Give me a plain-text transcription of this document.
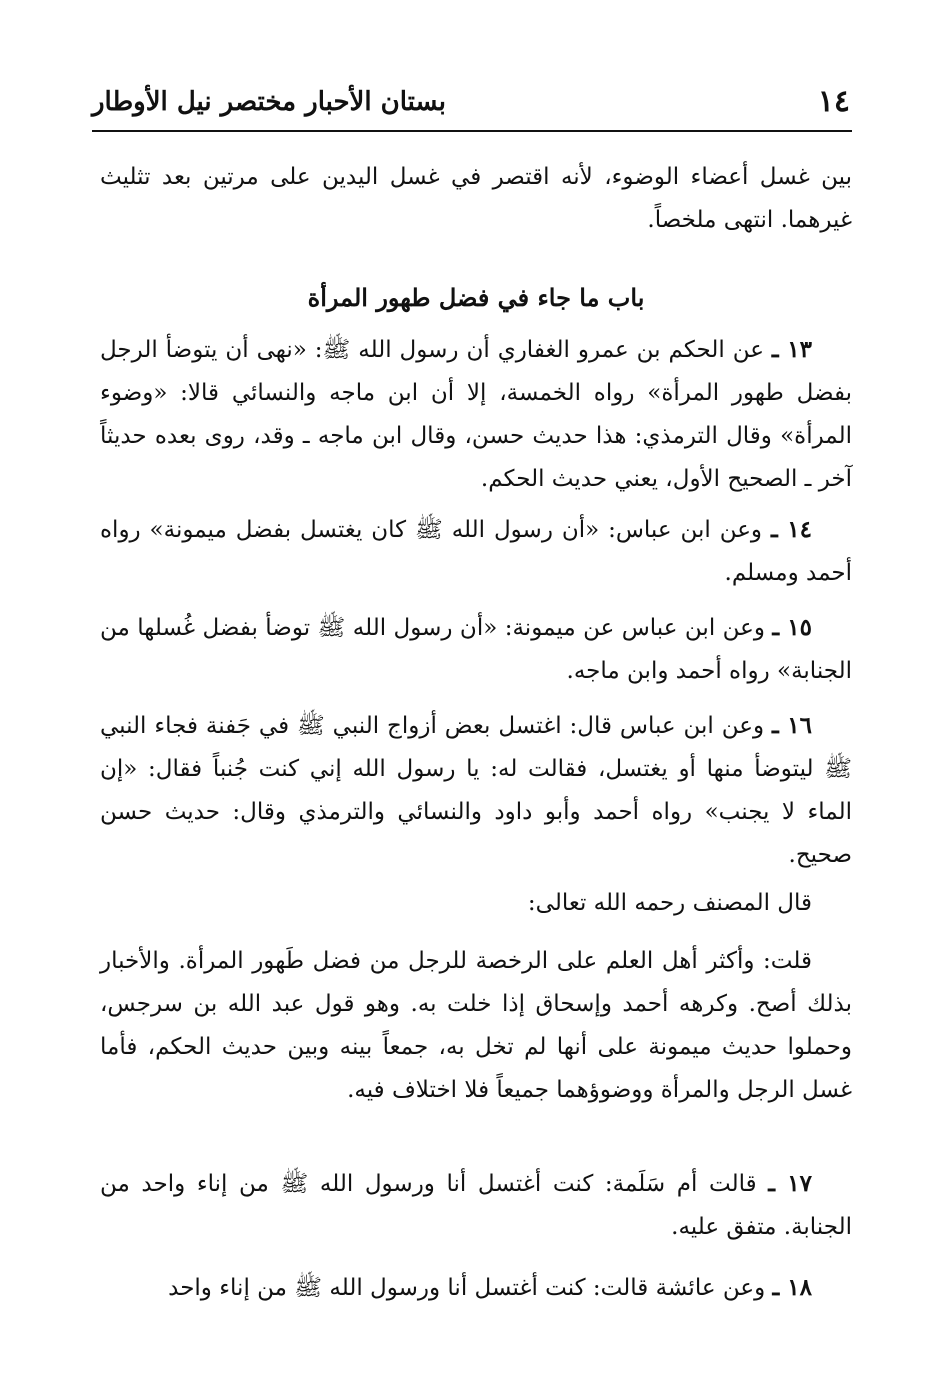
١٤
بستان الأحبار مختصر نيل الأوطار

بين غسل أعضاء الوضوء، لأنه اقتصر في غسل اليدين على مرتين بعد تثليث غيرهما. انتهى ملخصاً.

باب ما جاء في فضل طهور المرأة

١٣ ـ عن الحكم بن عمرو الغفاري أن رسول الله ﷺ: «نهى أن يتوضأ الرجل بفضل طهور المرأة» رواه الخمسة، إلا أن ابن ماجه والنسائي قالا: «وضوء المرأة» وقال الترمذي: هذا حديث حسن، وقال ابن ماجه ـ وقد، روى بعده حديثاً آخر ـ الصحيح الأول، يعني حديث الحكم.

١٤ ـ وعن ابن عباس: «أن رسول الله ﷺ كان يغتسل بفضل ميمونة» رواه أحمد ومسلم.

١٥ ـ وعن ابن عباس عن ميمونة: «أن رسول الله ﷺ توضأ بفضل غُسلها من الجنابة» رواه أحمد وابن ماجه.

١٦ ـ وعن ابن عباس قال: اغتسل بعض أزواج النبي ﷺ في جَفنة فجاء النبي ﷺ ليتوضأ منها أو يغتسل، فقالت له: يا رسول الله إني كنت جُنباً فقال: «إن الماء لا يجنب» رواه أحمد وأبو داود والنسائي والترمذي وقال: حديث حسن صحيح.

قال المصنف رحمه الله تعالى:

قلت: وأكثر أهل العلم على الرخصة للرجل من فضل طَهور المرأة. والأخبار بذلك أصح. وكرهه أحمد وإسحاق إذا خلت به. وهو قول عبد الله بن سرجس، وحملوا حديث ميمونة على أنها لم تخل به، جمعاً بينه وبين حديث الحكم، فأما غسل الرجل والمرأة ووضوؤهما جميعاً فلا اختلاف فيه.

١٧ ـ قالت أم سَلَمة: كنت أغتسل أنا ورسول الله ﷺ من إناء واحد من الجنابة. متفق عليه.

١٨ ـ وعن عائشة قالت: كنت أغتسل أنا ورسول الله ﷺ من إناء واحد
